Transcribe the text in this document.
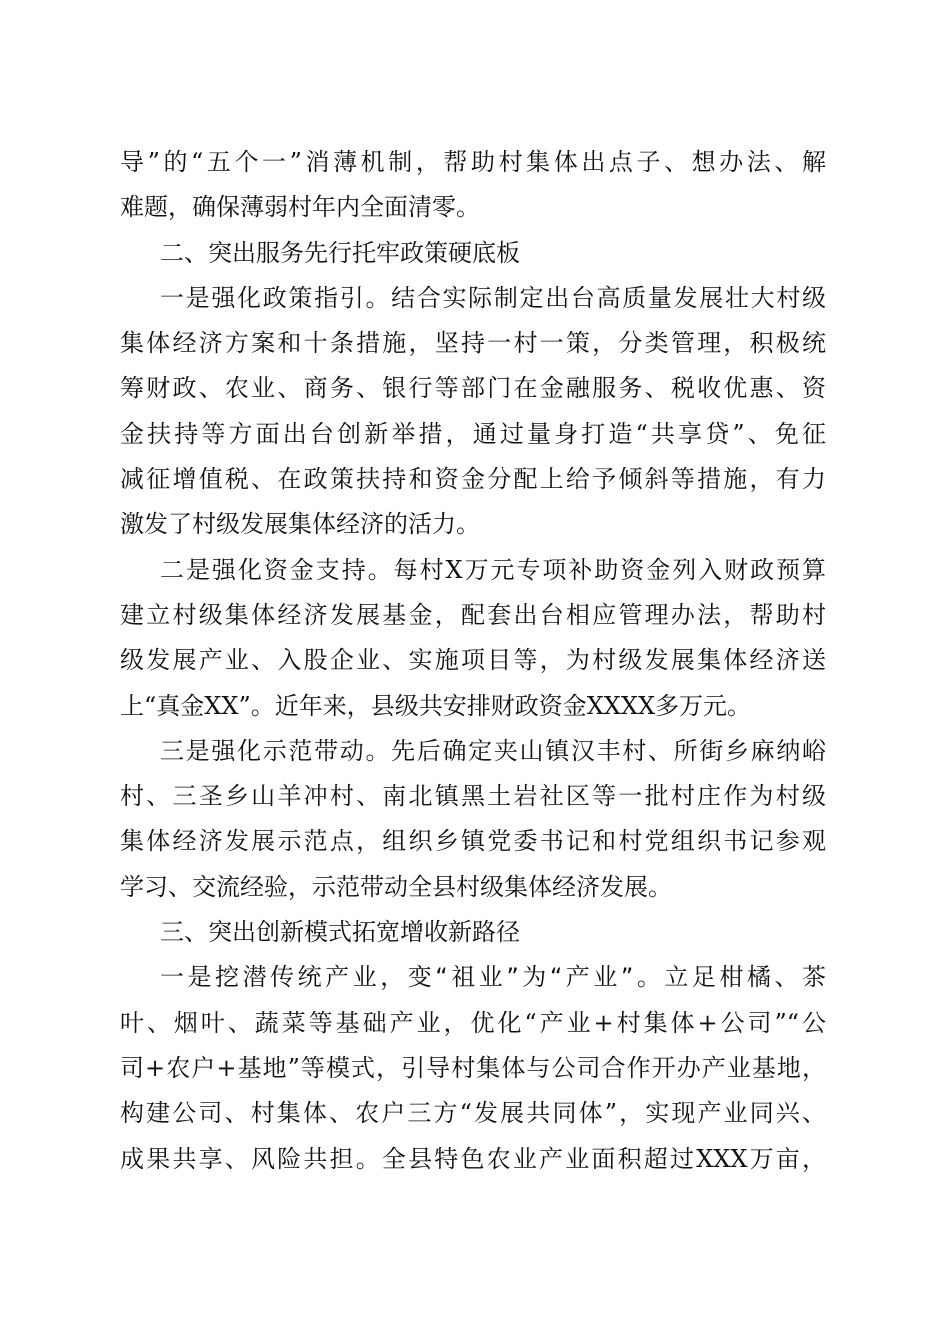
导”的“五个一”消薄机制，帮助村集体出点子、想办法、解
难题，确保薄弱村年内全面清零。
二、突出服务先行托牢政策硬底板
一是强化政策指引。结合实际制定出台高质量发展壮大村级
集体经济方案和十条措施，坚持一村一策，分类管理，积极统
筹财政、农业、商务、银行等部门在金融服务、税收优惠、资
金扶持等方面出台创新举措，通过量身打造“共享贷”、免征
减征增值税、在政策扶持和资金分配上给予倾斜等措施，有力
激发了村级发展集体经济的活力。
二是强化资金支持。每村X万元专项补助资金列入财政预算
建立村级集体经济发展基金，配套出台相应管理办法，帮助村
级发展产业、入股企业、实施项目等，为村级发展集体经济送
上“真金XX”。近年来，县级共安排财政资金XXXX多万元。
三是强化示范带动。先后确定夹山镇汉丰村、所街乡麻纳峪
村、三圣乡山羊冲村、南北镇黑土岩社区等一批村庄作为村级
集体经济发展示范点，组织乡镇党委书记和村党组织书记参观
学习、交流经验，示范带动全县村级集体经济发展。
三、突出创新模式拓宽增收新路径
一是挖潜传统产业，变“祖业”为“产业”。立足柑橘、茶
叶、烟叶、蔬菜等基础产业，优化“产业+村集体+公司”“公
司+农户+基地”等模式，引导村集体与公司合作开办产业基地，
构建公司、村集体、农户三方“发展共同体”，实现产业同兴、
成果共享、风险共担。全县特色农业产业面积超过XXX万亩，
